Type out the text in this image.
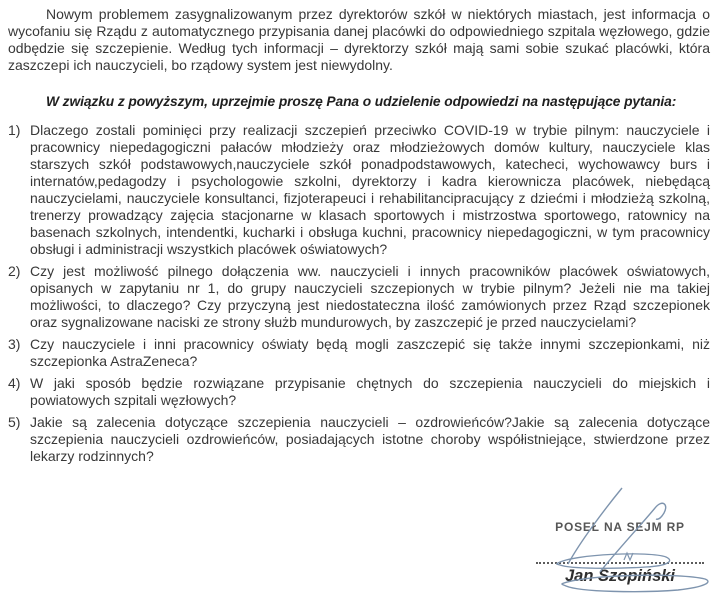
Nowym problemem zasygnalizowanym przez dyrektorów szkół w niektórych miastach, jest informacja o wycofaniu się Rządu z automatycznego przypisania danej placówki do odpowiedniego szpitala węzłowego, gdzie odbędzie się szczepienie. Według tych informacji – dyrektorzy szkół mają sami sobie szukać placówki, która zaszczepi ich nauczycieli, bo rządowy system jest niewydolny.

W związku z powyższym, uprzejmie proszę Pana o udzielenie odpowiedzi na następujące pytania:

1) Dlaczego zostali pominięci przy realizacji szczepień przeciwko COVID-19 w trybie pilnym: nauczyciele i pracownicy niepedagogiczni pałaców młodzieży oraz młodzieżowych domów kultury, nauczyciele klas starszych szkół podstawowych,nauczyciele szkół ponadpodstawowych, katecheci, wychowawcy burs i internatów,pedagodzy i psychologowie szkolni, dyrektorzy i kadra kierownicza placówek, niebędącą nauczycielami, nauczyciele konsultanci, fizjoterapeuci i rehabilitancipracujący z dziećmi i młodzieżą szkolną, trenerzy prowadzący zajęcia stacjonarne w klasach sportowych i mistrzostwa sportowego, ratownicy na basenach szkolnych, intendentki, kucharki i obsługa kuchni, pracownicy niepedagogiczni, w tym pracownicy obsługi i administracji wszystkich placówek oświatowych?
2) Czy jest możliwość pilnego dołączenia ww. nauczycieli i innych pracowników placówek oświatowych, opisanych w zapytaniu nr 1, do grupy nauczycieli szczepionych w trybie pilnym? Jeżeli nie ma takiej możliwości, to dlaczego? Czy przyczyną jest niedostateczna ilość zamówionych przez Rząd szczepionek oraz sygnalizowane naciski ze strony służb mundurowych, by zaszczepić je przed nauczycielami?
3) Czy nauczyciele i inni pracownicy oświaty będą mogli zaszczepić się także innymi szczepionkami, niż szczepionka AstraZeneca?
4) W jaki sposób będzie rozwiązane przypisanie chętnych do szczepienia nauczycieli do miejskich i powiatowych szpitali węzłowych?
5) Jakie są zalecenia dotyczące szczepienia nauczycieli – ozdrowieńców?Jakie są zalecenia dotyczące szczepienia nauczycieli ozdrowieńców, posiadających istotne choroby współistniejące, stwierdzone przez lekarzy rodzinnych?
POSEŁ NA SEJM RP
Jan Szopiński
